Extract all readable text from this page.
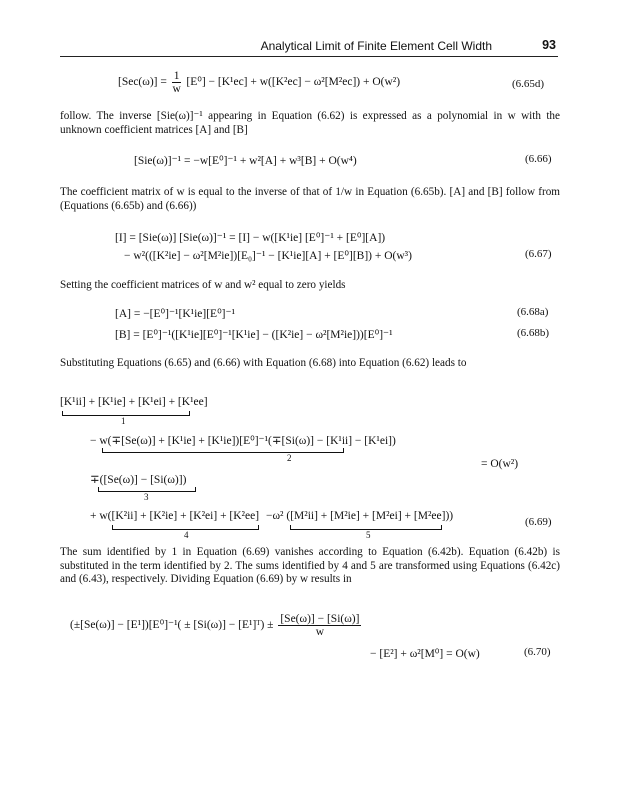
Analytical Limit of Finite Element Cell Width	93
$[Sec(\omega)] = \frac{1}{w} [E^0] - [K^1ec] + w([K^2ec] - \omega^2[M^2ec]) + O(w^2)$	(6.65d)
follow. The inverse [Sie(ω)]⁻¹ appearing in Equation (6.62) is expressed as a polynomial in w with the unknown coefficient matrices [A] and [B]
[Sie(ω)]⁻¹ = −w[E⁰]⁻¹ + w²[A] + w³[B] + O(w⁴)	(6.66)
The coefficient matrix of w is equal to the inverse of that of 1/w in Equation (6.65b). [A] and [B] follow from (Equations (6.65b) and (6.66))
[I] = [Sie(ω)] [Sie(ω)]⁻¹ = [I] − w([K¹ie] [E⁰]⁻¹ + [E⁰][A])
− w²(([K²ie] − ω²[M²ie])[E₀]⁻¹ − [K¹ie][A] + [E⁰][B]) + O(w³)	(6.67)
Setting the coefficient matrices of w and w² equal to zero yields
[A] = −[E⁰]⁻¹[K¹ie][E⁰]⁻¹	(6.68a)
[B] = [E⁰]⁻¹([K¹ie][E⁰]⁻¹[K¹ie] − ([K²ie] − ω²[M²ie]))[E⁰]⁻¹	(6.68b)
Substituting Equations (6.65) and (6.66) with Equation (6.68) into Equation (6.62) leads to
[K¹ii] + [K¹ie] + [K¹ei] + [K¹ee]
1
− w(∓[Se(ω)] + [K¹ie] + [K¹ie])[E⁰]⁻¹(∓[Si(ω)] − [K¹ii] − [K¹ei])
2	= O(w²)
∓([Se(ω)] − [Si(ω)])
3
+ w([K²ii] + [K²ie] + [K²ei] + [K²ee] −ω² ([M²ii] + [M²ie] + [M²ei] + [M²ee]))
4	5
(6.69)
The sum identified by 1 in Equation (6.69) vanishes according to Equation (6.42b). Equation (6.42b) is substituted in the term identified by 2. The sums identified by 4 and 5 are transformed using Equations (6.42c) and (6.43), respectively. Dividing Equation (6.69) by w results in
(±[Se(ω)] − [E¹])[E⁰]⁻¹( ± [Si(ω)] − [E¹]ᵀ) ± $\frac{[Se(\omega)] - [Si(\omega)]}{w}$
− [E²] + ω²[M⁰] = O(w)	(6.70)
